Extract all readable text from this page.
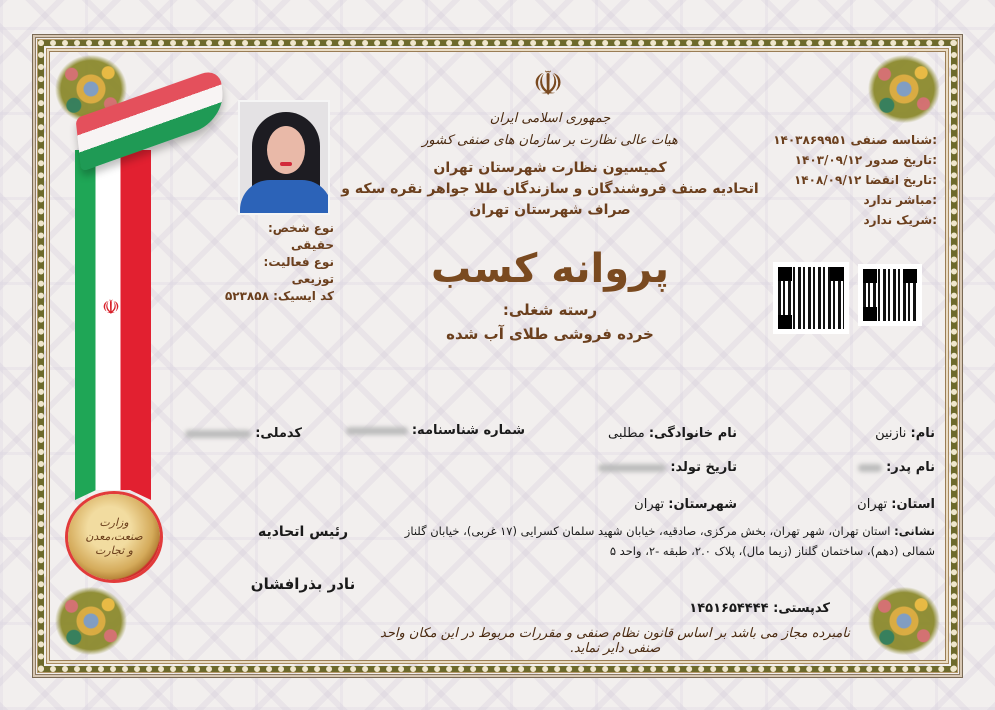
☫
وزارت
صنعت،معدن
و تجارت
نوع شخص: حقیقی
نوع فعالیت: توزیعی
کد ایسیک: ۵۲۳۸۵۸
☫
جمهوری اسلامی ایران
هیات عالی نظارت بر سازمان های صنفی کشور
کمیسیون نظارت شهرستان تهران
اتحادیه صنف فروشندگان و سازندگان طلا جواهر نقره سکه و
صراف شهرستان تهران
پروانه کسب
رسته شغلی:
خرده فروشی طلای آب شده
شناسه صنفی:
۱۴۰۳۸۶۹۹۵۱
تاریخ صدور:
۱۴۰۳/۰۹/۱۲
تاریخ انقضا:
۱۴۰۸/۰۹/۱۲
مباشر:
ندارد
شریک:
ندارد
نام: نازنین
نام خانوادگی: مطلبی
شماره شناسنامه:
کدملی:
نام پدر:
تاریخ تولد:
استان: تهران
شهرستان: تهران
نشانی: استان تهران، شهر تهران، بخش مرکزی، صادقیه، خیابان شهید سلمان کسرایی (۱۷ غربی)، خیابان گلناز شمالی (دهم)، ساختمان گلناز (زیما مال)، پلاک ۲.۰، طبقه -۲، واحد ۵
رئیس اتحادیه
نادر بذرافشان
کدپستی: ۱۴۵۱۶۵۴۴۴۴
نامبرده مجاز می باشد بر اساس قانون نظام صنفی و مقررات مربوط در این مکان واحد صنفی دایر نماید.
